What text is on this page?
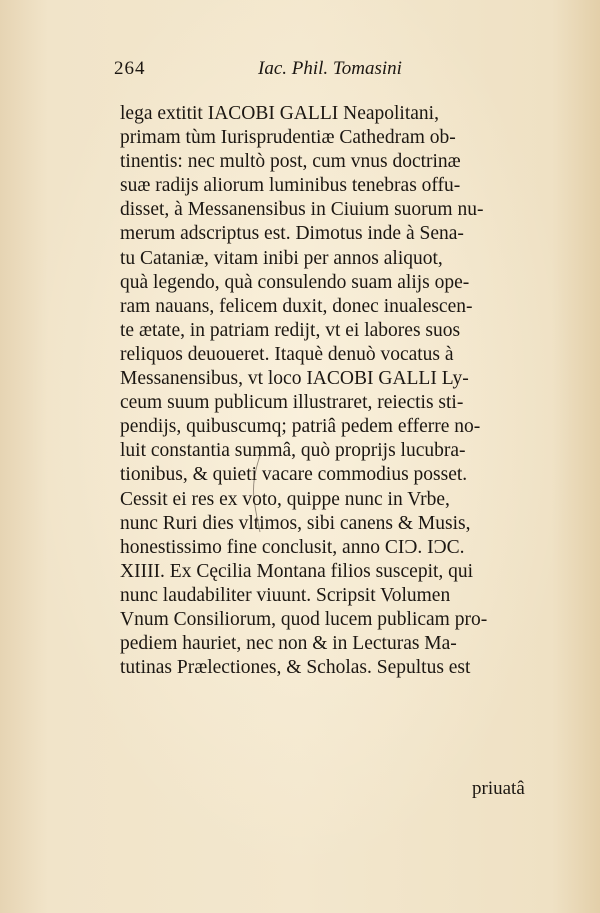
264	Iac. Phil. Tomasini
lega extitit IACOBI GALLI Neapolitani,
primam tùm Iurisprudentiæ Cathedram ob-
tinentis: nec multò post, cum vnus doctrinæ
suæ radijs aliorum luminibus tenebras offu-
disset, à Messanensibus in Ciuium suorum nu-
merum adscriptus est. Dimotus inde à Sena-
tu Cataniæ, vitam inibi per annos aliquot,
quà legendo, quà consulendo suam alijs ope-
ram nauans, felicem duxit, donec inualescen-
te ætate, in patriam redijt, vt ei labores suos
reliquos deuoueret. Itaquè denuò vocatus à
Messanensibus, vt loco IACOBI GALLI Ly-
ceum suum publicum illustraret, reiectis sti-
pendijs, quibuscumq; patriâ pedem efferre no-
luit constantia summâ, quò proprijs lucubra-
tionibus, & quieti vacare commodius posset.
Cessit ei res ex voto, quippe nunc in Vrbe,
nunc Ruri dies vltimos, sibi canens & Musis,
honestissimo fine conclusit, anno CIƆ. IƆC.
XIIII. Ex Cęcilia Montana filios suscepit, qui
nunc laudabiliter viuunt. Scripsit Volumen
Vnum Consiliorum, quod lucem publicam pro-
pediem hauriet, nec non & in Lecturas Ma-
tutinas Prælectiones, & Scholas. Sepultus est
priuatâ
